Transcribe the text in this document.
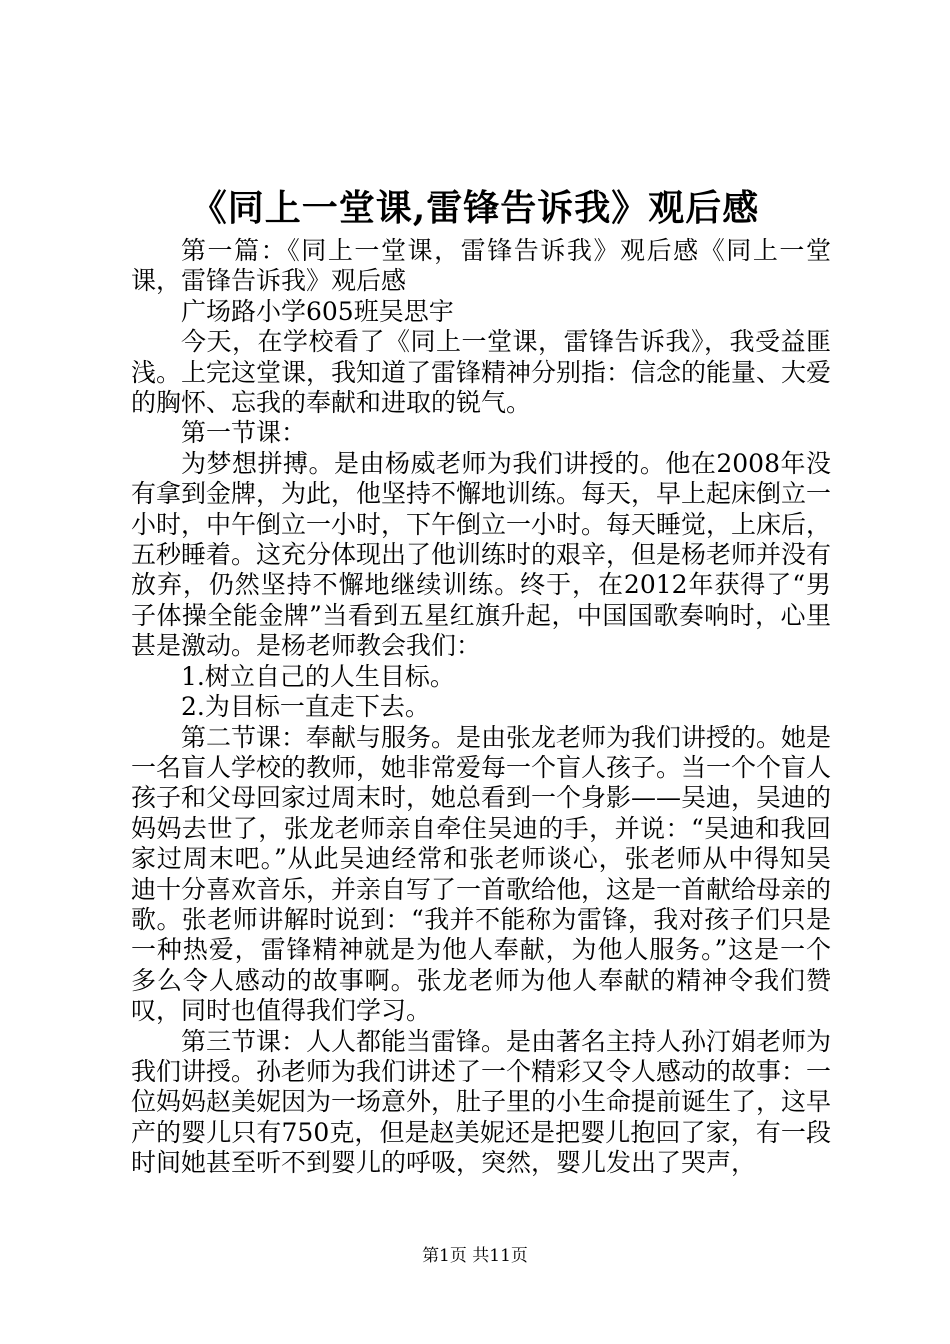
《同上一堂课,雷锋告诉我》观后感

第一篇：《同上一堂课，雷锋告诉我》观后感《同上一堂课，雷锋告诉我》观后感

广场路小学605班吴思宇

今天，在学校看了《同上一堂课，雷锋告诉我》，我受益匪浅。上完这堂课，我知道了雷锋精神分别指：信念的能量、大爱的胸怀、忘我的奉献和进取的锐气。

第一节课：

为梦想拼搏。是由杨威老师为我们讲授的。他在2008年没有拿到金牌，为此，他坚持不懈地训练。每天，早上起床倒立一小时，中午倒立一小时，下午倒立一小时。每天睡觉，上床后，五秒睡着。这充分体现出了他训练时的艰辛，但是杨老师并没有放弃，仍然坚持不懈地继续训练。终于，在2012年获得了“男子体操全能金牌”当看到五星红旗升起，中国国歌奏响时，心里甚是激动。是杨老师教会我们：

1.树立自己的人生目标。

2.为目标一直走下去。

第二节课：奉献与服务。是由张龙老师为我们讲授的。她是一名盲人学校的教师，她非常爱每一个盲人孩子。当一个个盲人孩子和父母回家过周末时，她总看到一个身影——吴迪，吴迪的妈妈去世了，张龙老师亲自牵住吴迪的手，并说：“吴迪和我回家过周末吧。”从此吴迪经常和张老师谈心，张老师从中得知吴迪十分喜欢音乐，并亲自写了一首歌给他，这是一首献给母亲的歌。张老师讲解时说到：“我并不能称为雷锋，我对孩子们只是一种热爱，雷锋精神就是为他人奉献，为他人服务。”这是一个多么令人感动的故事啊。张龙老师为他人奉献的精神令我们赞叹，同时也值得我们学习。

第三节课：人人都能当雷锋。是由著名主持人孙汀娟老师为我们讲授。孙老师为我们讲述了一个精彩又令人感动的故事：一位妈妈赵美妮因为一场意外，肚子里的小生命提前诞生了，这早产的婴儿只有750克，但是赵美妮还是把婴儿抱回了家，有一段时间她甚至听不到婴儿的呼吸，突然，婴儿发出了哭声，

第1页 共11页
